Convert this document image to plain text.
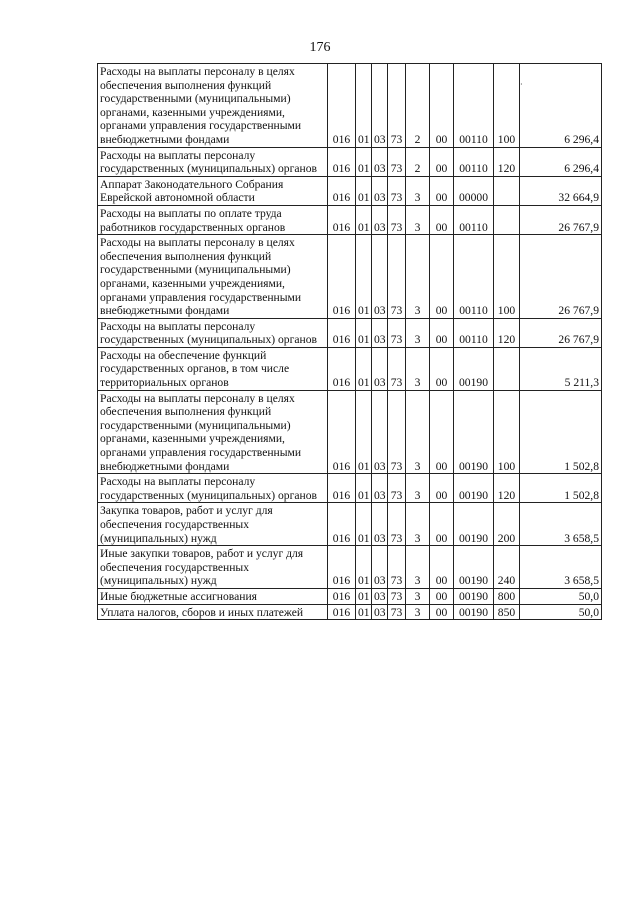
176
·
Расходы на выплаты персоналу в целях обеспечения выполнения функций государственными (муниципальными) органами, казенными учреждениями, органами управления государственными внебюджетными фондами	016	01	03	73	2	00	00110	100	6 296,4
Расходы на выплаты персоналу государственных (муниципальных) органов	016	01	03	73	2	00	00110	120	6 296,4
Аппарат Законодательного Собрания Еврейской автономной области	016	01	03	73	3	00	00000		32 664,9
Расходы на выплаты по оплате труда работников государственных органов	016	01	03	73	3	00	00110		26 767,9
Расходы на выплаты персоналу в целях обеспечения выполнения функций государственными (муниципальными) органами, казенными учреждениями, органами управления государственными внебюджетными фондами	016	01	03	73	3	00	00110	100	26 767,9
Расходы на выплаты персоналу государственных (муниципальных) органов	016	01	03	73	3	00	00110	120	26 767,9
Расходы на обеспечение функций государственных органов, в том числе территориальных органов	016	01	03	73	3	00	00190		5 211,3
Расходы на выплаты персоналу в целях обеспечения выполнения функций государственными (муниципальными) органами, казенными учреждениями, органами управления государственными внебюджетными фондами	016	01	03	73	3	00	00190	100	1 502,8
Расходы на выплаты персоналу государственных (муниципальных) органов	016	01	03	73	3	00	00190	120	1 502,8
Закупка товаров, работ и услуг для обеспечения государственных (муниципальных) нужд	016	01	03	73	3	00	00190	200	3 658,5
Иные закупки товаров, работ и услуг для обеспечения государственных (муниципальных) нужд	016	01	03	73	3	00	00190	240	3 658,5
Иные бюджетные ассигнования	016	01	03	73	3	00	00190	800	50,0
Уплата налогов, сборов и иных платежей	016	01	03	73	3	00	00190	850	50,0
